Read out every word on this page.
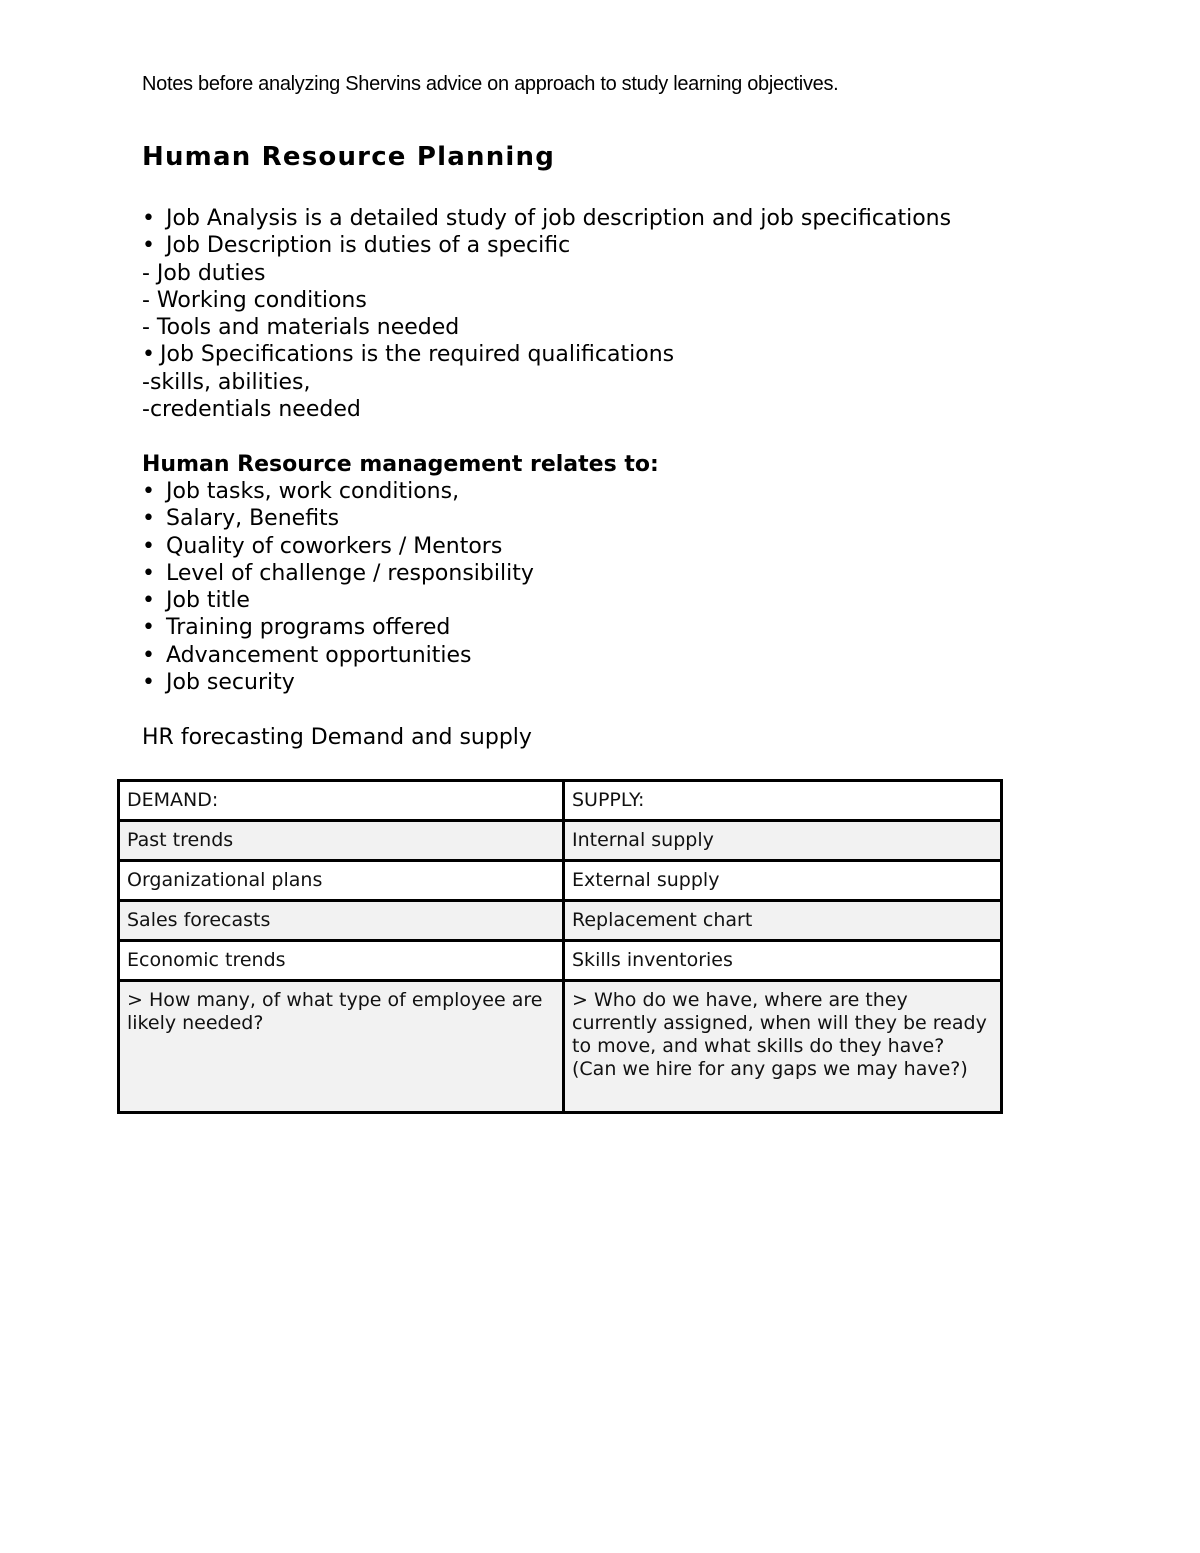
Notes before analyzing Shervins advice on approach to study learning objectives.
Human Resource Planning
• Job Analysis is a detailed study of job description and job specifications
• Job Description is duties of a specific
- Job duties
- Working conditions
- Tools and materials needed
• Job Specifications is the required qualifications
-skills, abilities,
-credentials needed
Human Resource management relates to:
• Job tasks, work conditions,
• Salary, Benefits
• Quality of coworkers / Mentors
• Level of challenge / responsibility
• Job title
• Training programs offered
• Advancement opportunities
• Job security
HR forecasting Demand and supply
DEMAND:	SUPPLY:
Past trends	Internal supply
Organizational plans	External supply
Sales forecasts	Replacement chart
Economic trends	Skills inventories
> How many, of what type of employee are likely needed?	> Who do we have, where are they currently assigned, when will they be ready to move, and what skills do they have?
(Can we hire for any gaps we may have?)
